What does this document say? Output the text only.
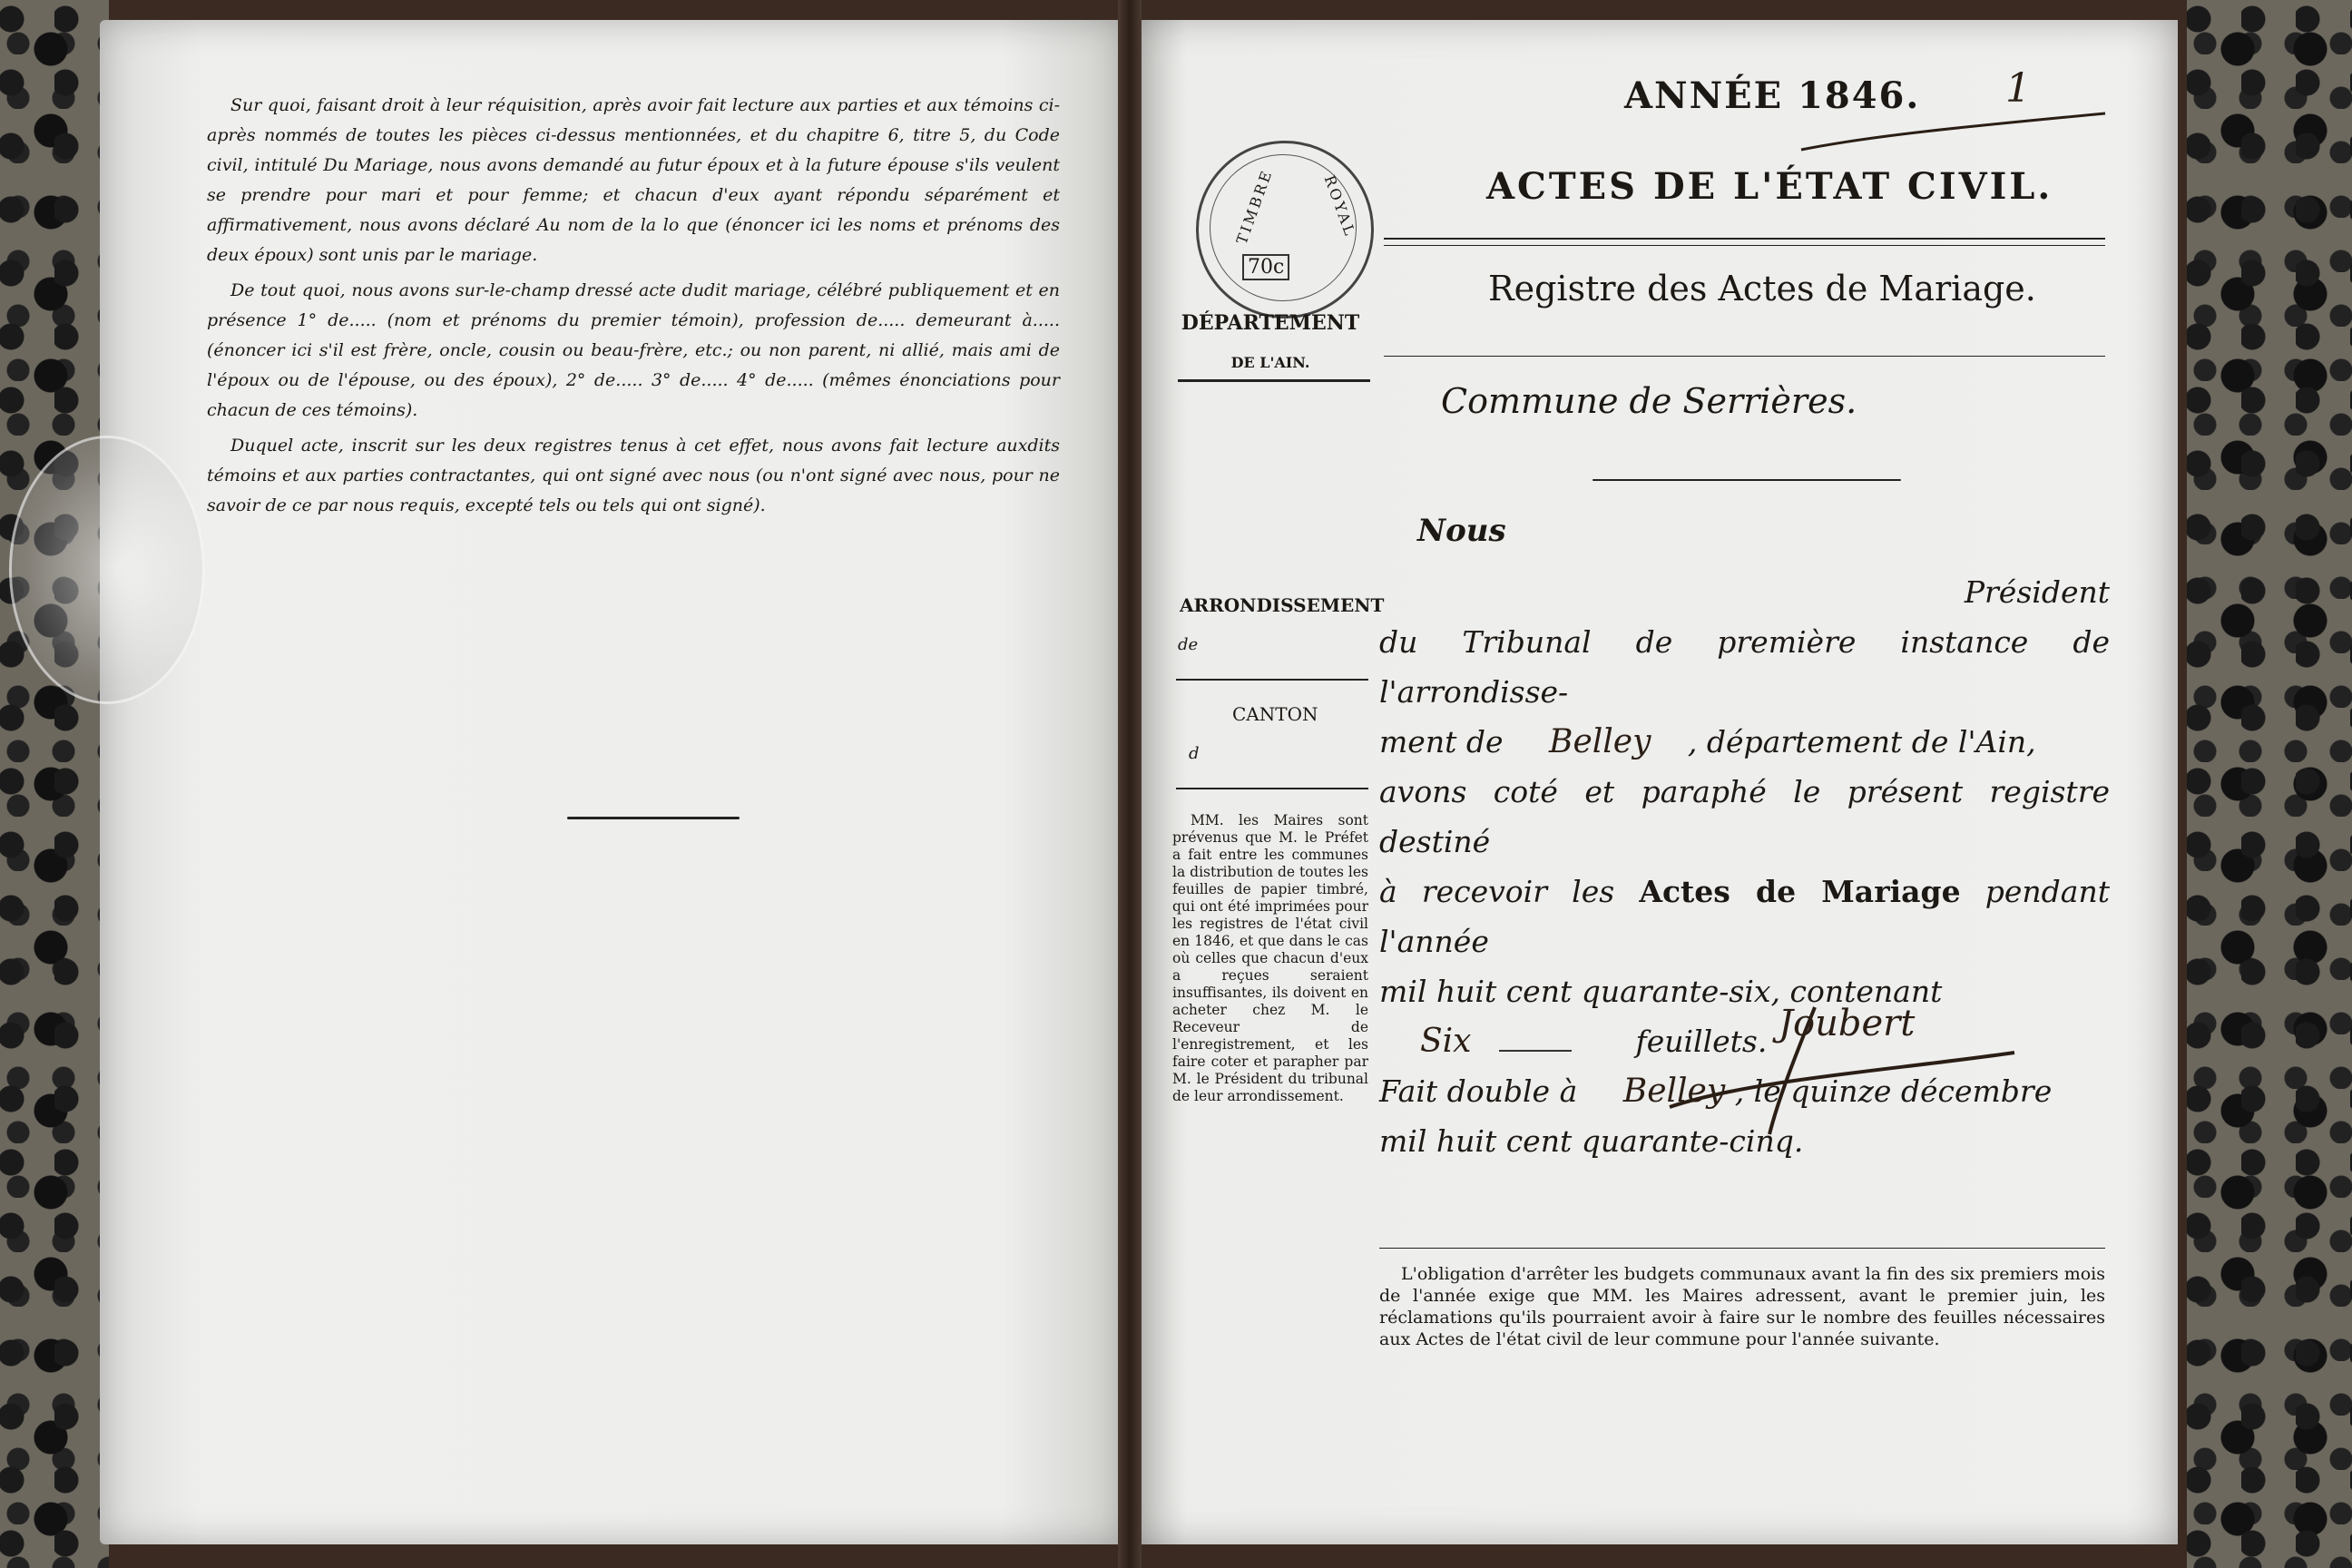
Sur quoi, faisant droit à leur réquisition, après avoir fait lecture aux parties et aux témoins ci-après nommés de toutes les pièces ci-dessus mentionnées, et du chapitre 6, titre 5, du Code civil, intitulé Du Mariage, nous avons demandé au futur époux et à la future épouse s'ils veulent se prendre pour mari et pour femme; et chacun d'eux ayant répondu séparément et affirmativement, nous avons déclaré Au nom de la lo que (énoncer ici les noms et prénoms des deux époux) sont unis par le mariage.

De tout quoi, nous avons sur-le-champ dressé acte dudit mariage, célébré publiquement et en présence 1° de..... (nom et prénoms du premier témoin), profession de..... demeurant à..... (énoncer ici s'il est frère, oncle, cousin ou beau-frère, etc.; ou non parent, ni allié, mais ami de l'époux ou de l'épouse, ou des époux), 2° de..... 3° de..... 4° de..... (mêmes énonciations pour chacun de ces témoins).

Duquel acte, inscrit sur les deux registres tenus à cet effet, nous avons fait lecture auxdits témoins et aux parties contractantes, qui ont signé avec nous (ou n'ont signé avec nous, pour ne savoir de ce par nous requis, excepté tels ou tels qui ont signé).

ANNÉE 1846. 1
ACTES DE L'ÉTAT CIVIL.
Registre des Actes de Mariage.
Commune de Serrières.
TIMBRE	ROYAL
70c
DÉPARTEMENT
DE L'AIN.
ARRONDISSEMENT
de
CANTON
d
MM. les Maires sont prévenus que M. le Préfet a fait entre les communes la distribution de toutes les feuilles de papier timbré, qui ont été imprimées pour les registres de l'état civil en 1846, et que dans le cas où celles que chacun d'eux a reçues seraient insuffisantes, ils doivent en acheter chez M. le Receveur de l'enregistrement, et les faire coter et parapher par M. le Président du tribunal de leur arrondissement.
Nous
Président
du Tribunal de première instance de l'arrondisse-
ment de Belley , département de l'Ain,
avons coté et paraphé le présent registre destiné
à recevoir les Actes de Mariage pendant l'année
mil huit cent quarante-six, contenant
Six	feuillets.
Fait double à Belley , le quinze décembre
mil huit cent quarante-cinq.
Joubert
L'obligation d'arrêter les budgets communaux avant la fin des six premiers mois de l'année exige que MM. les Maires adressent, avant le premier juin, les réclamations qu'ils pourraient avoir à faire sur le nombre des feuilles nécessaires aux Actes de l'état civil de leur commune pour l'année suivante.
